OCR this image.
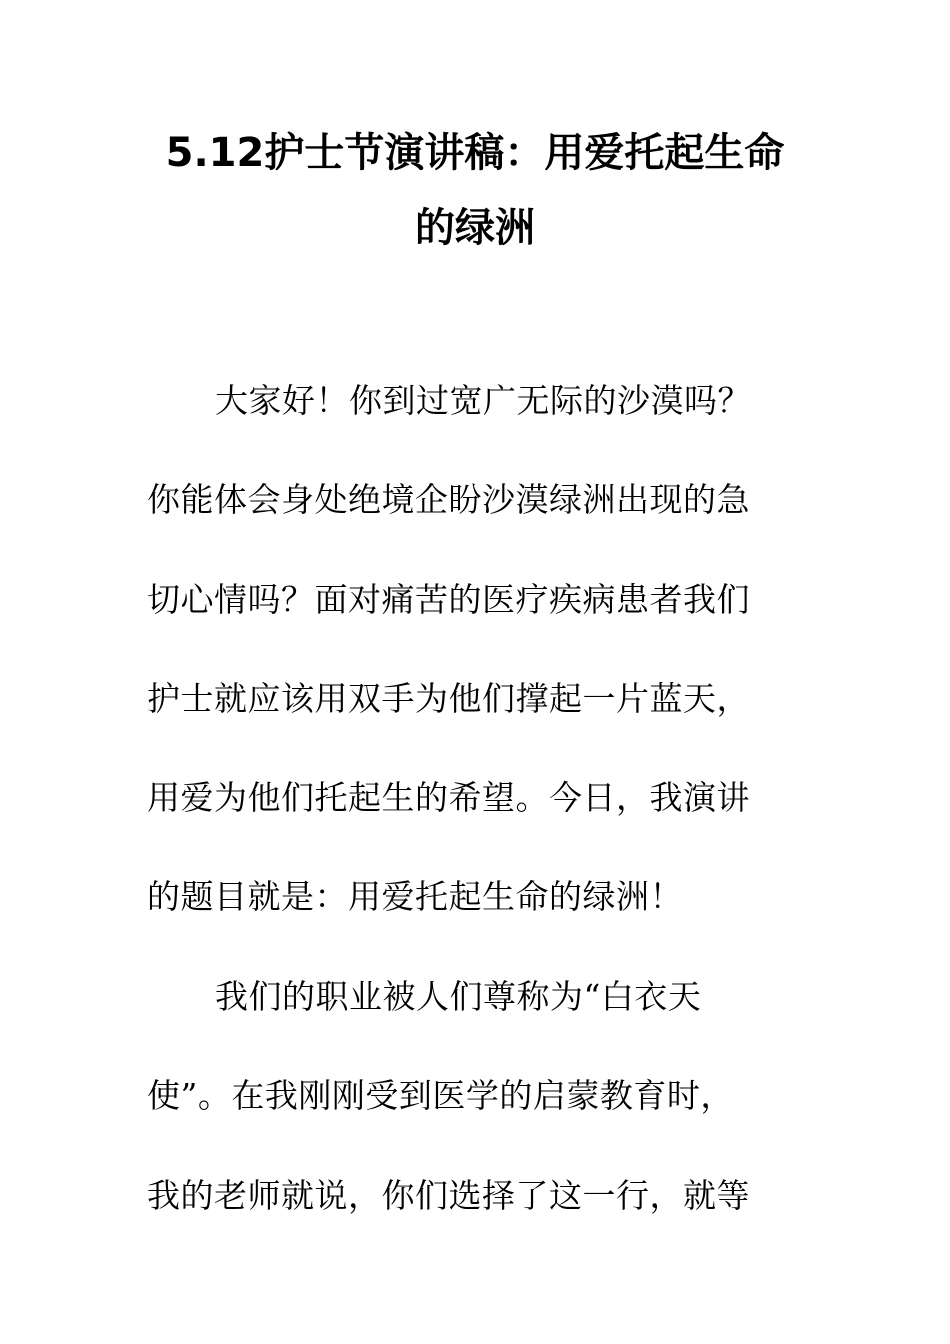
5.12护士节演讲稿：用爱托起生命
的绿洲

大家好！你到过宽广无际的沙漠吗？

你能体会身处绝境企盼沙漠绿洲出现的急

切心情吗？面对痛苦的医疗疾病患者我们

护士就应该用双手为他们撑起一片蓝天，

用爱为他们托起生的希望。今日，我演讲

的题目就是：用爱托起生命的绿洲！

我们的职业被人们尊称为“白衣天

使”。在我刚刚受到医学的启蒙教育时，

我的老师就说，你们选择了这一行，就等
